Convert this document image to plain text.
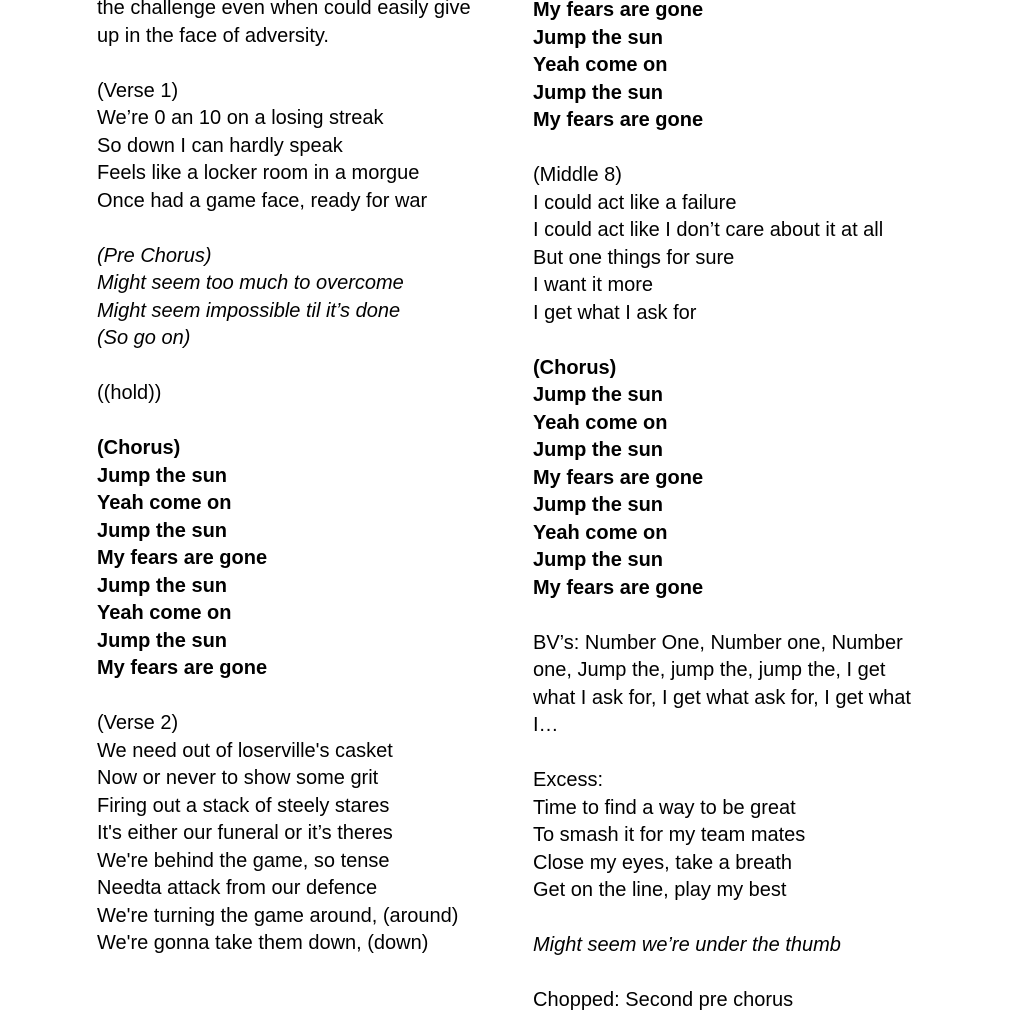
the challenge even when could easily give
up in the face of adversity.
(Verse 1)
We’re 0 an 10 on a losing streak
So down I can hardly speak
Feels like a locker room in a morgue
Once had a game face, ready for war
(Pre Chorus)
Might seem too much to overcome
Might seem impossible til it’s done
(So go on)
((hold))
(Chorus)
Jump the sun
Yeah come on
Jump the sun
My fears are gone
Jump the sun
Yeah come on
Jump the sun
My fears are gone
(Verse 2)
We need out of loserville's casket
Now or never to show some grit
Firing out a stack of steely stares
It's either our funeral or it’s theres
We're behind the game, so tense
Needta attack from our defence
We're turning the game around, (around)
We're gonna take them down, (down)
My fears are gone
Jump the sun
Yeah come on
Jump the sun
My fears are gone
(Middle 8)
I could act like a failure
I could act like I don’t care about it at all
But one things for sure
I want it more
I get what I ask for
(Chorus)
Jump the sun
Yeah come on
Jump the sun
My fears are gone
Jump the sun
Yeah come on
Jump the sun
My fears are gone
BV’s: Number One, Number one, Number
one, Jump the, jump the, jump the, I get
what I ask for, I get what ask for, I get what
I…
Excess:
Time to find a way to be great
To smash it for my team mates
Close my eyes, take a breath
Get on the line, play my best
Might seem we’re under the thumb
Chopped: Second pre chorus
